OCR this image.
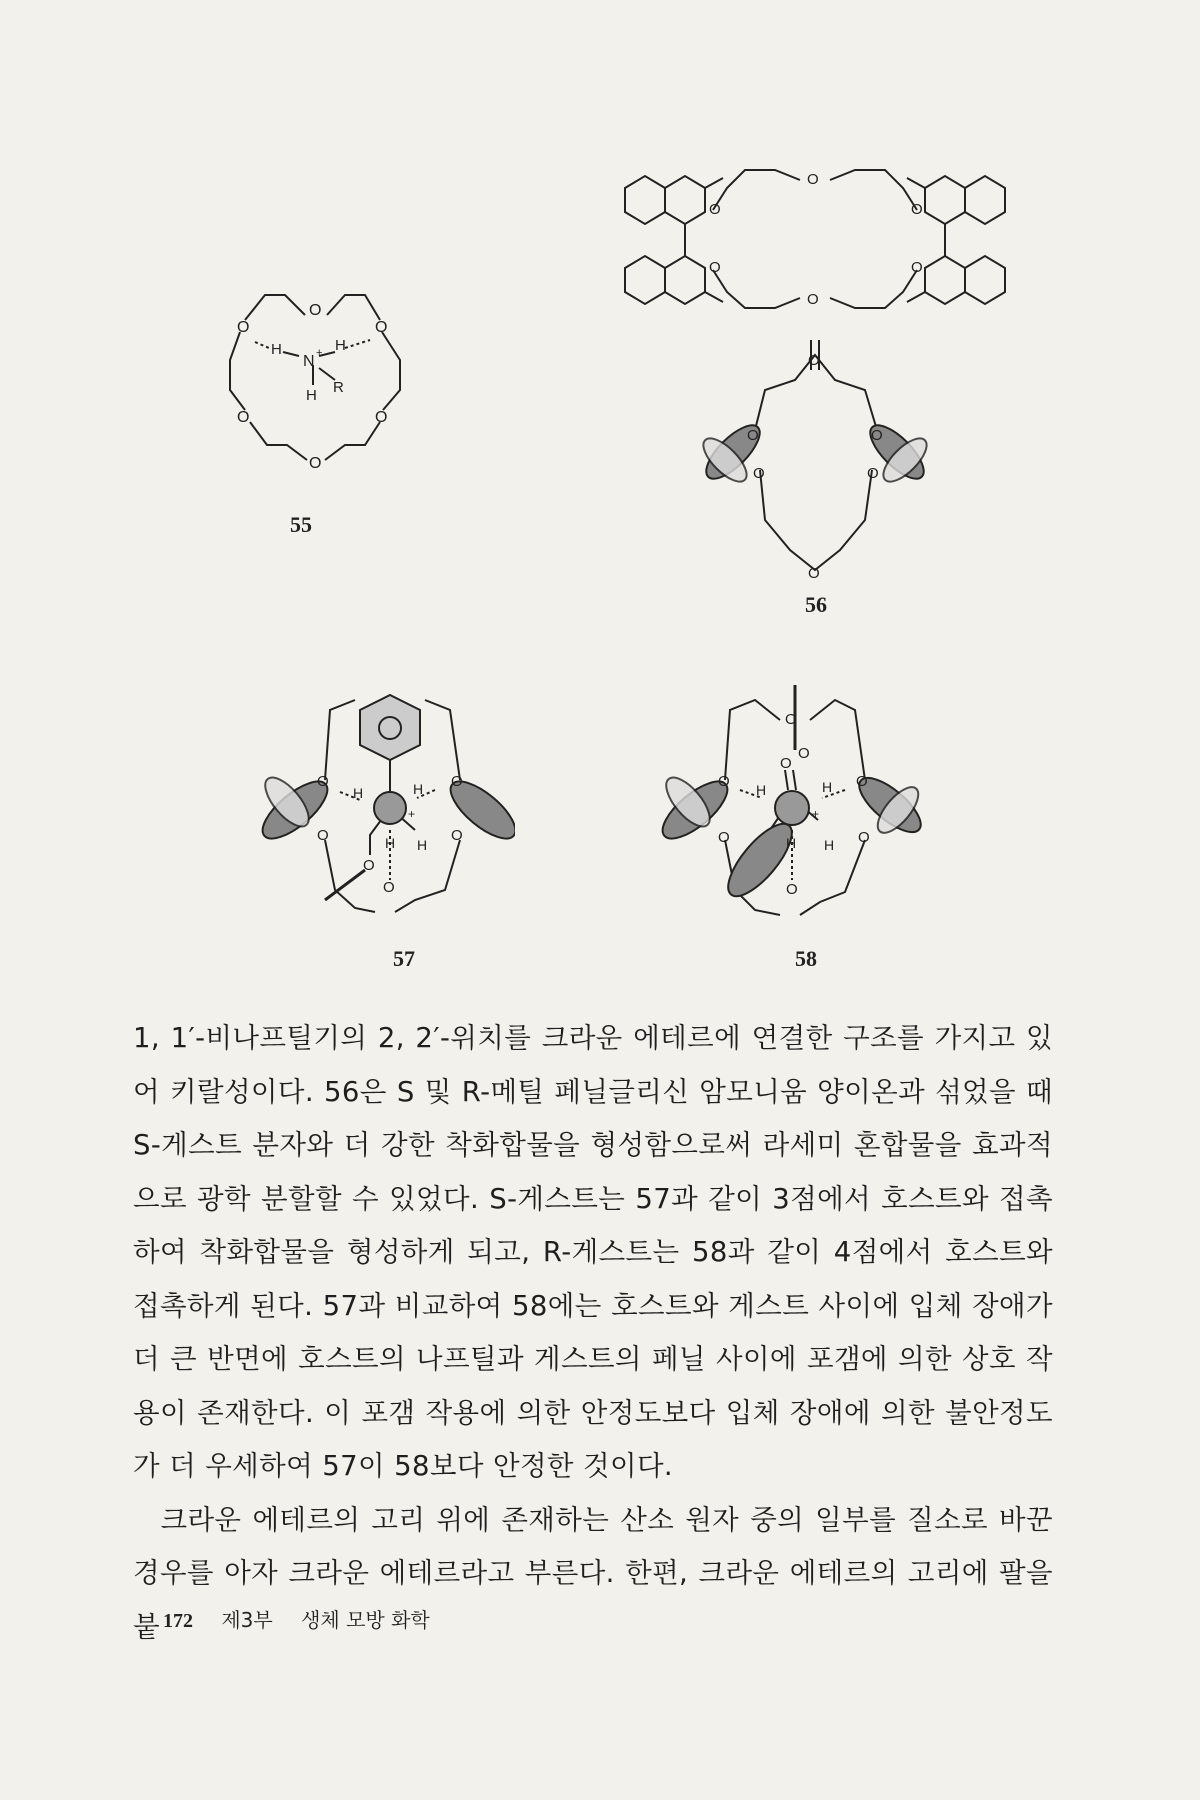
O
O
O
O
O
O
H	H
N +
H R
55
O
O
O
O
O
O
O
O	O
O	O
O
56
O	O
O	O
O
O
H	H
H H
+
57
O
O
O
O
O
O	O
O
H	H
H H
+
58

1, 1′-비나프틸기의 2, 2′-위치를 크라운 에테르에 연결한 구조를 가지고 있어 키랄성이다. 56은 S 및 R-메틸 페닐글리신 암모니움 양이온과 섞었을 때 S-게스트 분자와 더 강한 착화합물을 형성함으로써 라세미 혼합물을 효과적으로 광학 분할할 수 있었다. S-게스트는 57과 같이 3점에서 호스트와 접촉하여 착화합물을 형성하게 되고, R-게스트는 58과 같이 4점에서 호스트와 접촉하게 된다. 57과 비교하여 58에는 호스트와 게스트 사이에 입체 장애가 더 큰 반면에 호스트의 나프틸과 게스트의 페닐 사이에 포갬에 의한 상호 작용이 존재한다. 이 포갬 작용에 의한 안정도보다 입체 장애에 의한 불안정도가 더 우세하여 57이 58보다 안정한 것이다.

크라운 에테르의 고리 위에 존재하는 산소 원자 중의 일부를 질소로 바꾼 경우를 아자 크라운 에테르라고 부른다. 한편, 크라운 에테르의 고리에 팔을 붙 172 제3부 생체 모방 화학
